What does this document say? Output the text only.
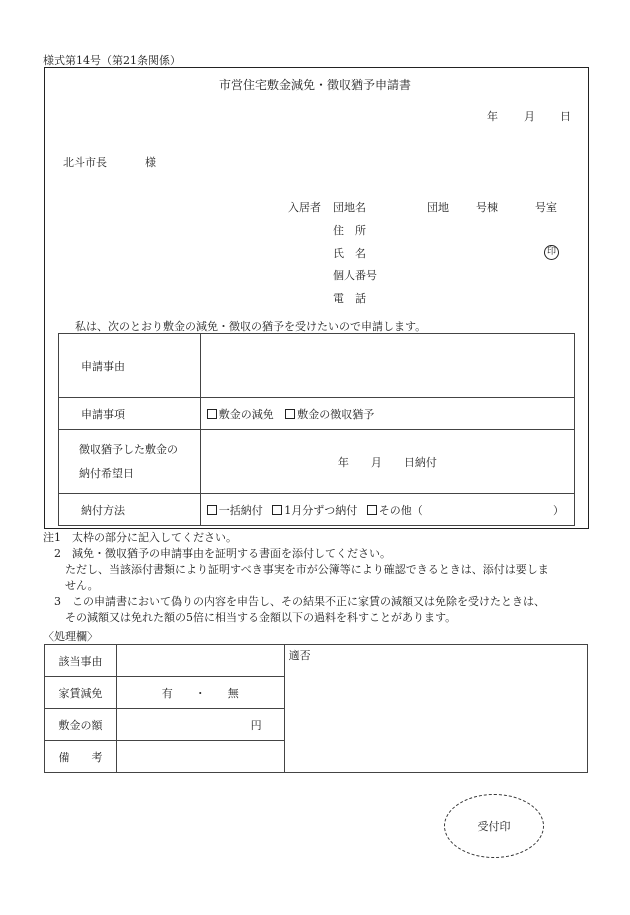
様式第14号（第21条関係）
市営住宅敷金減免・徴収猶予申請書
年 月 日
北斗市長	様
入居者 団地名	団地 号棟	号室
住　所
氏　名	印
個人番号
電　話
私は、次のとおり敷金の減免・徴収の猶予を受けたいので申請します。
申請事由	

申請事項	敷金の減免 敷金の徴収猶予

徴収猶予した敷金の
納付希望日	年　　月　　日納付

納付方法	一括納付 1月分ずつ納付 その他（ ）
注1　太枠の部分に記入してください。
　2　減免・徴収猶予の申請事由を証明する書面を添付してください。
　　ただし、当該添付書類により証明すべき事実を市が公簿等により確認できるときは、添付は要しま
　　せん。
　3　この申請書において偽りの内容を申告し、その結果不正に家賃の減額又は免除を受けたときは、
　　その減額又は免れた額の5倍に相当する金額以下の過料を科すことがあります。
〈処理欄〉
該当事由		適否
家賃減免	有　　・　　無	
敷金の額	円	
備　　考		
受付印
